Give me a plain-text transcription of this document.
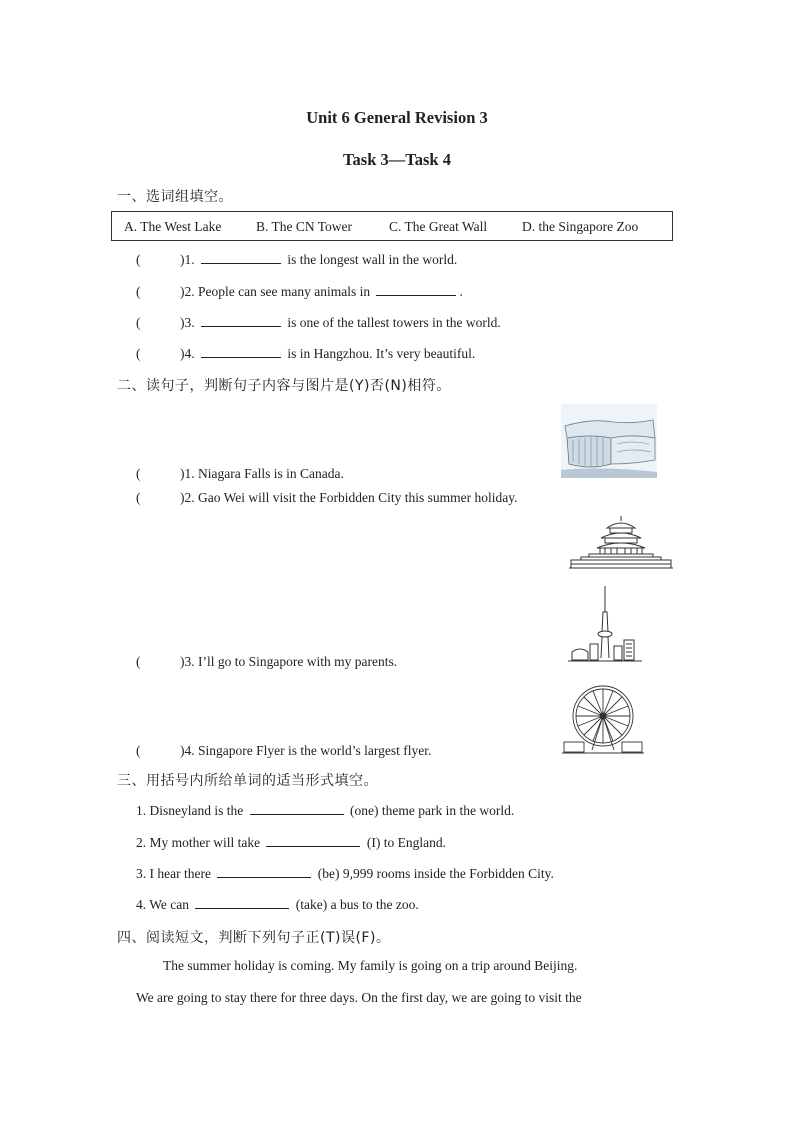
Unit 6 General Revision 3
Task 3—Task 4
一、选词组填空。
A. The West Lake	B. The CN Tower	C. The Great Wall	D. the Singapore Zoo
(	)1.	is the longest wall in the world.
(	)2. People can see many animals in	.
(	)3.	is one of the tallest towers in the world.
(	)4.	is in Hangzhou. It’s very beautiful.
二、读句子，判断句子内容与图片是(Y)否(N)相符。
(	)1. Niagara Falls is in Canada.
(	)2. Gao Wei will visit the Forbidden City this summer holiday.
(	)3. I’ll go to Singapore with my parents.
(	)4. Singapore Flyer is the world’s largest flyer.
三、用括号内所给单词的适当形式填空。
1. Disneyland is the	(one) theme park in the world.
2. My mother will take	(I) to England.
3. I hear there	(be) 9,999 rooms inside the Forbidden City.
4. We can	(take) a bus to the zoo.
四、阅读短文，判断下列句子正(T)误(F)。
The summer holiday is coming. My family is going on a trip around Beijing.
We are going to stay there for three days. On the first day, we are going to visit the
